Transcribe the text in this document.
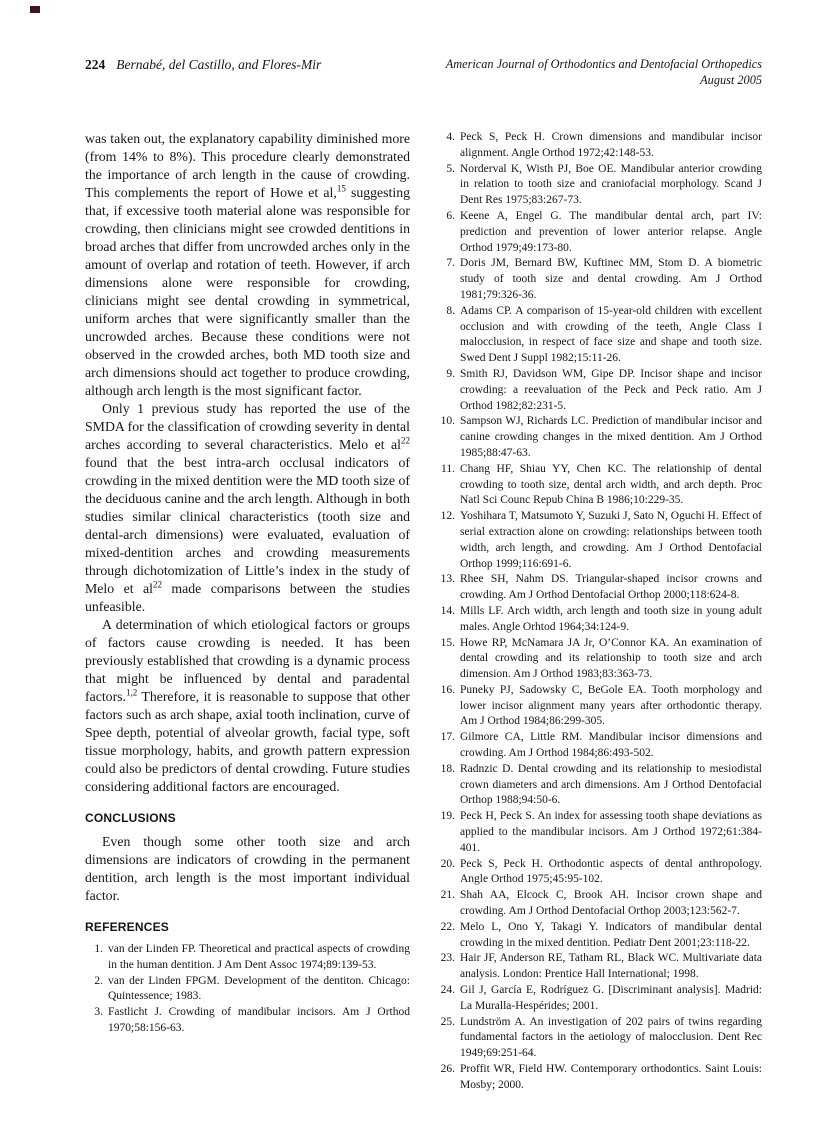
224 Bernabé, del Castillo, and Flores-Mir	American Journal of Orthodontics and Dentofacial Orthopedics
August 2005

was taken out, the explanatory capability diminished more (from 14% to 8%). This procedure clearly demonstrated the importance of arch length in the cause of crowding. This complements the report of Howe et al,$^{15}$ suggesting that, if excessive tooth material alone was responsible for crowding, then clinicians might see crowded dentitions in broad arches that differ from uncrowded arches only in the amount of overlap and rotation of teeth. However, if arch dimensions alone were responsible for crowding, clinicians might see dental crowding in symmetrical, uniform arches that were significantly smaller than the uncrowded arches. Because these conditions were not observed in the crowded arches, both MD tooth size and arch dimensions should act together to produce crowding, although arch length is the most significant factor.

Only 1 previous study has reported the use of the SMDA for the classification of crowding severity in dental arches according to several characteristics. Melo et $al^{22}$ found that the best intra-arch occlusal indicators of crowding in the mixed dentition were the MD tooth size of the deciduous canine and the arch length. Although in both studies similar clinical characteristics (tooth size and dental-arch dimensions) were evaluated, evaluation of mixed-dentition arches and crowding measurements through dichotomization of Little’s index in the study of Melo et $al^{22}$ made comparisons between the studies unfeasible.

A determination of which etiological factors or groups of factors cause crowding is needed. It has been previously established that crowding is a dynamic process that might be influenced by dental and paradental factors.$^{1,2}$ Therefore, it is reasonable to suppose that other factors such as arch shape, axial tooth inclination, curve of Spee depth, potential of alveolar growth, facial type, soft tissue morphology, habits, and growth pattern expression could also be predictors of dental crowding. Future studies considering additional factors are encouraged.

CONCLUSIONS

Even though some other tooth size and arch dimensions are indicators of crowding in the permanent dentition, arch length is the most important individual factor.

REFERENCES
1. van der Linden FP. Theoretical and practical aspects of crowding in the human dentition. J Am Dent Assoc 1974;89:139-53.
2. van der Linden FPGM. Development of the dentiton. Chicago: Quintessence; 1983.
3. Fastlicht J. Crowding of mandibular incisors. Am J Orthod 1970;58:156-63.
4. Peck S, Peck H. Crown dimensions and mandibular incisor alignment. Angle Orthod 1972;42:148-53.
5. Norderval K, Wisth PJ, Boe OE. Mandibular anterior crowding in relation to tooth size and craniofacial morphology. Scand J Dent Res 1975;83:267-73.
6. Keene A, Engel G. The mandibular dental arch, part IV: prediction and prevention of lower anterior relapse. Angle Orthod 1979;49:173-80.
7. Doris JM, Bernard BW, Kuftinec MM, Stom D. A biometric study of tooth size and dental crowding. Am J Orthod 1981;79:326-36.
8. Adams CP. A comparison of 15-year-old children with excellent occlusion and with crowding of the teeth, Angle Class I malocclusion, in respect of face size and shape and tooth size. Swed Dent J Suppl 1982;15:11-26.
9. Smith RJ, Davidson WM, Gipe DP. Incisor shape and incisor crowding: a reevaluation of the Peck and Peck ratio. Am J Orthod 1982;82:231-5.
10. Sampson WJ, Richards LC. Prediction of mandibular incisor and canine crowding changes in the mixed dentition. Am J Orthod 1985;88:47-63.
11. Chang HF, Shiau YY, Chen KC. The relationship of dental crowding to tooth size, dental arch width, and arch depth. Proc Natl Sci Counc Repub China B 1986;10:229-35.
12. Yoshihara T, Matsumoto Y, Suzuki J, Sato N, Oguchi H. Effect of serial extraction alone on crowding: relationships between tooth width, arch length, and crowding. Am J Orthod Dentofacial Orthop 1999;116:691-6.
13. Rhee SH, Nahm DS. Triangular-shaped incisor crowns and crowding. Am J Orthod Dentofacial Orthop 2000;118:624-8.
14. Mills LF. Arch width, arch length and tooth size in young adult males. Angle Orhtod 1964;34:124-9.
15. Howe RP, McNamara JA Jr, O’Connor KA. An examination of dental crowding and its relationship to tooth size and arch dimension. Am J Orthod 1983;83:363-73.
16. Puneky PJ, Sadowsky C, BeGole EA. Tooth morphology and lower incisor alignment many years after orthodontic therapy. Am J Orthod 1984;86:299-305.
17. Gilmore CA, Little RM. Mandibular incisor dimensions and crowding. Am J Orthod 1984;86:493-502.
18. Radnzic D. Dental crowding and its relationship to mesiodistal crown diameters and arch dimensions. Am J Orthod Dentofacial Orthop 1988;94:50-6.
19. Peck H, Peck S. An index for assessing tooth shape deviations as applied to the mandibular incisors. Am J Orthod 1972;61:384-401.
20. Peck S, Peck H. Orthodontic aspects of dental anthropology. Angle Orthod 1975;45:95-102.
21. Shah AA, Elcock C, Brook AH. Incisor crown shape and crowding. Am J Orthod Dentofacial Orthop 2003;123:562-7.
22. Melo L, Ono Y, Takagi Y. Indicators of mandibular dental crowding in the mixed dentition. Pediatr Dent 2001;23:118-22.
23. Hair JF, Anderson RE, Tatham RL, Black WC. Multivariate data analysis. London: Prentice Hall International; 1998.
24. Gil J, García E, Rodríguez G. [Discriminant analysis]. Madrid: La Muralla-Hespérides; 2001.
25. Lundström A. An investigation of 202 pairs of twins regarding fundamental factors in the aetiology of malocclusion. Dent Rec 1949;69:251-64.
26. Proffit WR, Field HW. Contemporary orthodontics. Saint Louis: Mosby; 2000.
